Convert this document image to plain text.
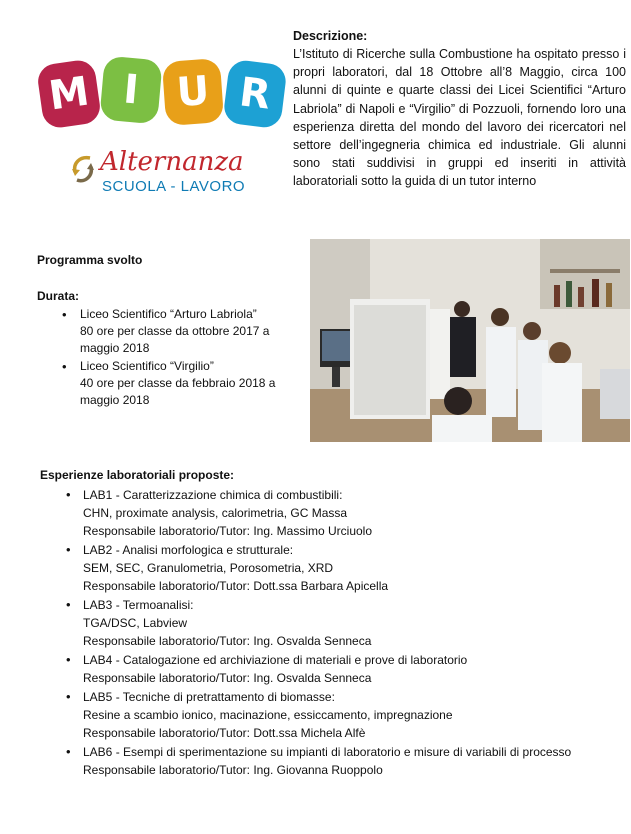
M I U R
Alternanza
SCUOLA - LAVORO
Descrizione:
L’Istituto di Ricerche sulla Combustione ha ospitato presso i propri laboratori, dal 18 Ottobre all’8 Maggio, circa 100 alunni di quinte e quarte classi dei Licei Scientifici “Arturo Labriola” di Napoli e “Virgilio” di Pozzuoli, fornendo loro una esperienza diretta del mondo del lavoro dei ricercatori nel settore dell’ingegneria chimica ed industriale. Gli alunni sono stati suddivisi in gruppi ed inseriti in attività laboratoriali sotto la guida di un tutor interno
Programma svolto
Durata:
• Liceo Scientifico “Arturo Labriola”
80 ore per classe da ottobre 2017 a maggio 2018
• Liceo Scientifico “Virgilio”
40 ore per classe da febbraio 2018 a maggio 2018
Esperienze laboratoriali proposte:
• LAB1 - Caratterizzazione chimica di combustibili:
CHN, proximate analysis, calorimetria, GC Massa
Responsabile laboratorio/Tutor: Ing. Massimo Urciuolo
• LAB2 - Analisi morfologica e strutturale:
SEM, SEC, Granulometria, Porosometria, XRD
Responsabile laboratorio/Tutor: Dott.ssa Barbara Apicella
• LAB3 - Termoanalisi:
TGA/DSC, Labview
Responsabile laboratorio/Tutor: Ing. Osvalda Senneca
• LAB4 - Catalogazione ed archiviazione di materiali e prove di laboratorio
Responsabile laboratorio/Tutor: Ing. Osvalda Senneca
• LAB5 - Tecniche di pretrattamento di biomasse:
Resine a scambio ionico, macinazione, essiccamento, impregnazione
Responsabile laboratorio/Tutor: Dott.ssa Michela Alfè
• LAB6 - Esempi di sperimentazione su impianti di laboratorio e misure di variabili di processo
Responsabile laboratorio/Tutor: Ing. Giovanna Ruoppolo
